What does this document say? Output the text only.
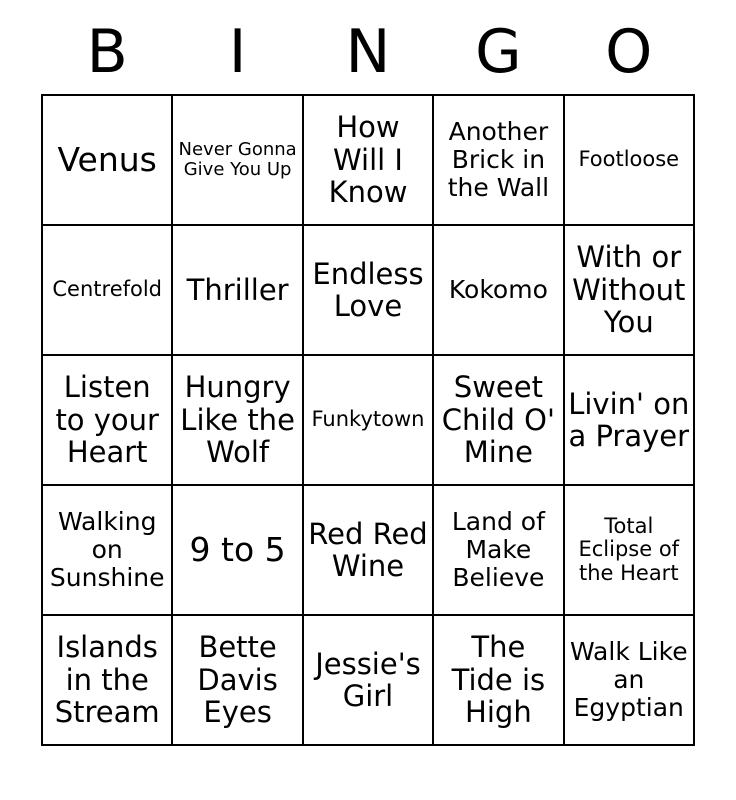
B	I	N	G	O
Venus	Never Gonna Give You Up	How Will I Know	Another Brick in the Wall	Footloose
Centrefold	Thriller	Endless Love	Kokomo	With or Without You
Listen to your Heart	Hungry Like the Wolf	Funkytown	Sweet Child O' Mine	Livin' on a Prayer
Walking on Sunshine	9 to 5	Red Red Wine	Land of Make Believe	Total Eclipse of the Heart
Islands in the Stream	Bette Davis Eyes	Jessie's Girl	The Tide is High	Walk Like an Egyptian
